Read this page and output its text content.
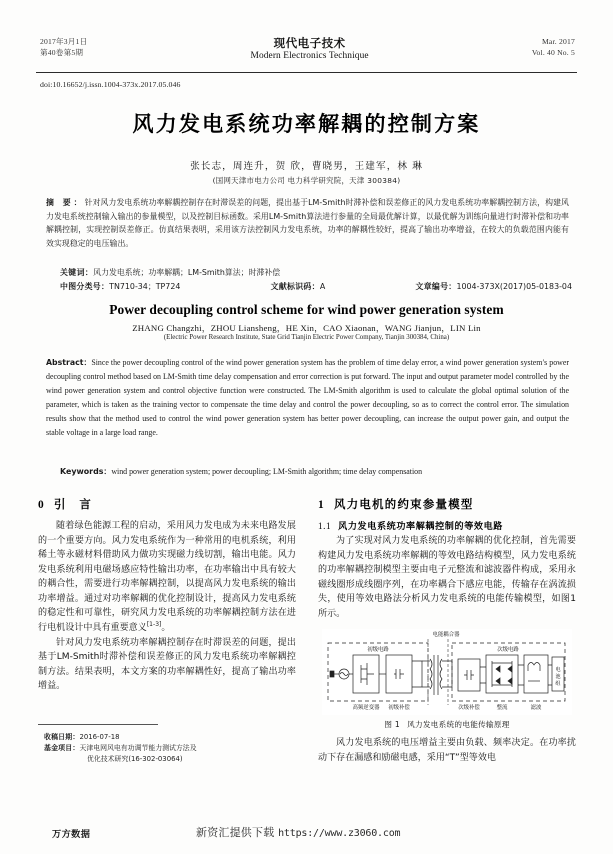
2017年3月1日
第40卷第5期
现代电子技术
Modern Electronics Technique
Mar. 2017
Vol. 40 No. 5
doi:10.16652/j.issn.1004-373x.2017.05.046
风力发电系统功率解耦的控制方案
张长志，周连升，贺 欣，曹晓男，王建军，林 琳
(国网天津市电力公司 电力科学研究院，天津 300384)
摘 要：针对风力发电系统功率解耦控制存在时滞误差的问题，提出基于LM-Smith时滞补偿和误差修正的风力发电系统功率解耦控制方法，构建风力发电系统控制输入输出的参量模型，以及控制目标函数。采用LM-Smith算法进行参量的全局最优解计算，以最优解为训练向量进行时滞补偿和功率解耦控制，实现控制误差修正。仿真结果表明，采用该方法控制风力发电系统，功率的解耦性较好，提高了输出功率增益，在较大的负载范围内能有效实现稳定的电压输出。
关键词：风力发电系统；功率解耦；LM-Smith算法；时滞补偿
中图分类号：TN710-34；TP724	文献标识码：A	文章编号：1004-373X(2017)05-0183-04
Power decoupling control scheme for wind power generation system
ZHANG Changzhi，ZHOU Liansheng，HE Xin，CAO Xiaonan，WANG Jianjun，LIN Lin
(Electric Power Research Institute, State Grid Tianjin Electric Power Company, Tianjin 300384, China)
Abstract：Since the power decoupling control of the wind power generation system has the problem of time delay error, a wind power generation system′s power decoupling control method based on LM-Smith time delay compensation and error correction is put forward. The input and output parameter model controlled by the wind power generation system and control objective function were constructed. The LM-Smith algorithm is used to calculate the global optimal solution of the parameter, which is taken as the training vector to compensate the time delay and control the power decoupling, so as to correct the control error. The simulation results show that the method used to control the wind power generation system has better power decoupling, can increase the output power gain, and output the stable voltage in a large load range.
Keywords：wind power generation system; power decoupling; LM-Smith algorithm; time delay compensation
0 引　言

随着绿色能源工程的启动，采用风力发电成为未来电路发展的一个重要方向。风力发电系统作为一种常用的电机系统，利用稀土等永磁材料借助风力做功实现磁力线切割，输出电能。风力发电系统利用电磁场感应特性输出功率，在功率输出中具有较大的耦合性，需要进行功率解耦控制，以提高风力发电系统的输出功率增益。通过对功率解耦的优化控制设计，提高风力发电系统的稳定性和可靠性，研究风力发电系统的功率解耦控制方法在进行电机设计中具有重要意义[1-3]。

针对风力发电系统功率解耦控制存在时滞误差的问题，提出基于LM-Smith时滞补偿和误差修正的风力发电系统功率解耦控制方法。结果表明，本文方案的功率解耦性好，提高了输出功率增益。

收稿日期：2016-07-18
基金项目：天津电网风电有功调节能力测试方法及
优化技术研究(16-302-03064)
1 风力电机的约束参量模型
1.1 风力发电系统功率解耦控制的等效电路

为了实现对风力发电系统的功率解耦的优化控制，首先需要构建风力发电系统功率解耦的等效电路结构模型，风力发电系统的功率解耦控制模型主要由电子元整流和滤波器件构成，采用永磁线圈形成线圈序列，在功率耦合下感应电能，传输存在涡流损失，使用等效电路法分析风力发电系统的电能传输模型，如图1所示。

电能耦合器
初级电路	次级电路
高频逆变器 初级补偿	次级补偿	整流	滤波
电
池
组
图 1 风力发电系统的电能传输原理

风力发电系统的电压增益主要由负载、频率决定。在功率扰动下存在漏感和励磁电感，采用“T”型等效电

万方数据	新资汇提供下载 https://www.z3060.com
